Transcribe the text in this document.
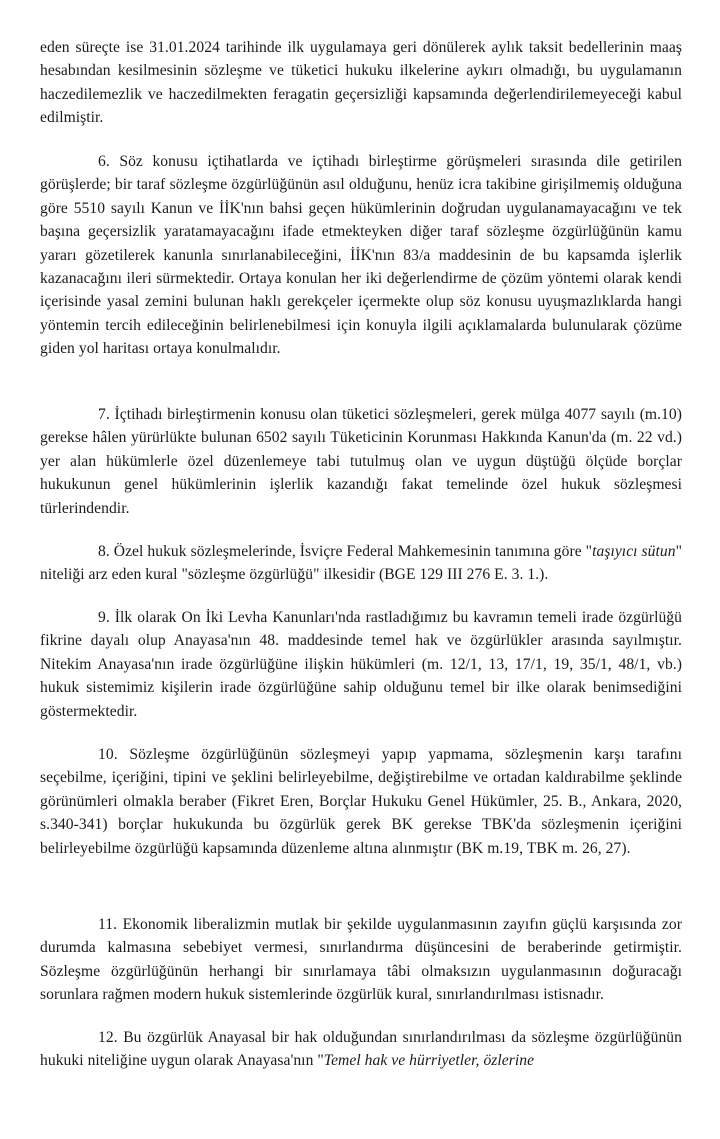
eden süreçte ise 31.01.2024 tarihinde ilk uygulamaya geri dönülerek aylık taksit bedellerinin maaş hesabından kesilmesinin sözleşme ve tüketici hukuku ilkelerine aykırı olmadığı, bu uygulamanın haczedilemezlik ve haczedilmekten feragatin geçersizliği kapsamında değerlendirilemeyeceği kabul edilmiştir.

6. Söz konusu içtihatlarda ve içtihadı birleştirme görüşmeleri sırasında dile getirilen görüşlerde; bir taraf sözleşme özgürlüğünün asıl olduğunu, henüz icra takibine girişilmemiş olduğuna göre 5510 sayılı Kanun ve İİK'nın bahsi geçen hükümlerinin doğrudan uygulanamayacağını ve tek başına geçersizlik yaratamayacağını ifade etmekteyken diğer taraf sözleşme özgürlüğünün kamu yararı gözetilerek kanunla sınırlanabileceğini, İİK'nın 83/a maddesinin de bu kapsamda işlerlik kazanacağını ileri sürmektedir. Ortaya konulan her iki değerlendirme de çözüm yöntemi olarak kendi içerisinde yasal zemini bulunan haklı gerekçeler içermekte olup söz konusu uyuşmazlıklarda hangi yöntemin tercih edileceğinin belirlenebilmesi için konuyla ilgili açıklamalarda bulunularak çözüme giden yol haritası ortaya konulmalıdır.

7. İçtihadı birleştirmenin konusu olan tüketici sözleşmeleri, gerek mülga 4077 sayılı (m.10) gerekse hâlen yürürlükte bulunan 6502 sayılı Tüketicinin Korunması Hakkında Kanun'da (m. 22 vd.) yer alan hükümlerle özel düzenlemeye tabi tutulmuş olan ve uygun düştüğü ölçüde borçlar hukukunun genel hükümlerinin işlerlik kazandığı fakat temelinde özel hukuk sözleşmesi türlerindendir.

8. Özel hukuk sözleşmelerinde, İsviçre Federal Mahkemesinin tanımına göre "taşıyıcı sütun" niteliği arz eden kural "sözleşme özgürlüğü" ilkesidir (BGE 129 III 276 E. 3. 1.).

9. İlk olarak On İki Levha Kanunları'nda rastladığımız bu kavramın temeli irade özgürlüğü fikrine dayalı olup Anayasa'nın 48. maddesinde temel hak ve özgürlükler arasında sayılmıştır. Nitekim Anayasa'nın irade özgürlüğüne ilişkin hükümleri (m. 12/1, 13, 17/1, 19, 35/1, 48/1, vb.) hukuk sistemimiz kişilerin irade özgürlüğüne sahip olduğunu temel bir ilke olarak benimsediğini göstermektedir.

10. Sözleşme özgürlüğünün sözleşmeyi yapıp yapmama, sözleşmenin karşı tarafını seçebilme, içeriğini, tipini ve şeklini belirleyebilme, değiştirebilme ve ortadan kaldırabilme şeklinde görünümleri olmakla beraber (Fikret Eren, Borçlar Hukuku Genel Hükümler, 25. B., Ankara, 2020, s.340-341) borçlar hukukunda bu özgürlük gerek BK gerekse TBK'da sözleşmenin içeriğini belirleyebilme özgürlüğü kapsamında düzenleme altına alınmıştır (BK m.19, TBK m. 26, 27).

11. Ekonomik liberalizmin mutlak bir şekilde uygulanmasının zayıfın güçlü karşısında zor durumda kalmasına sebebiyet vermesi, sınırlandırma düşüncesini de beraberinde getirmiştir. Sözleşme özgürlüğünün herhangi bir sınırlamaya tâbi olmaksızın uygulanmasının doğuracağı sorunlara rağmen modern hukuk sistemlerinde özgürlük kural, sınırlandırılması istisnadır.

12. Bu özgürlük Anayasal bir hak olduğundan sınırlandırılması da sözleşme özgürlüğünün hukuki niteliğine uygun olarak Anayasa'nın "Temel hak ve hürriyetler, özlerine
